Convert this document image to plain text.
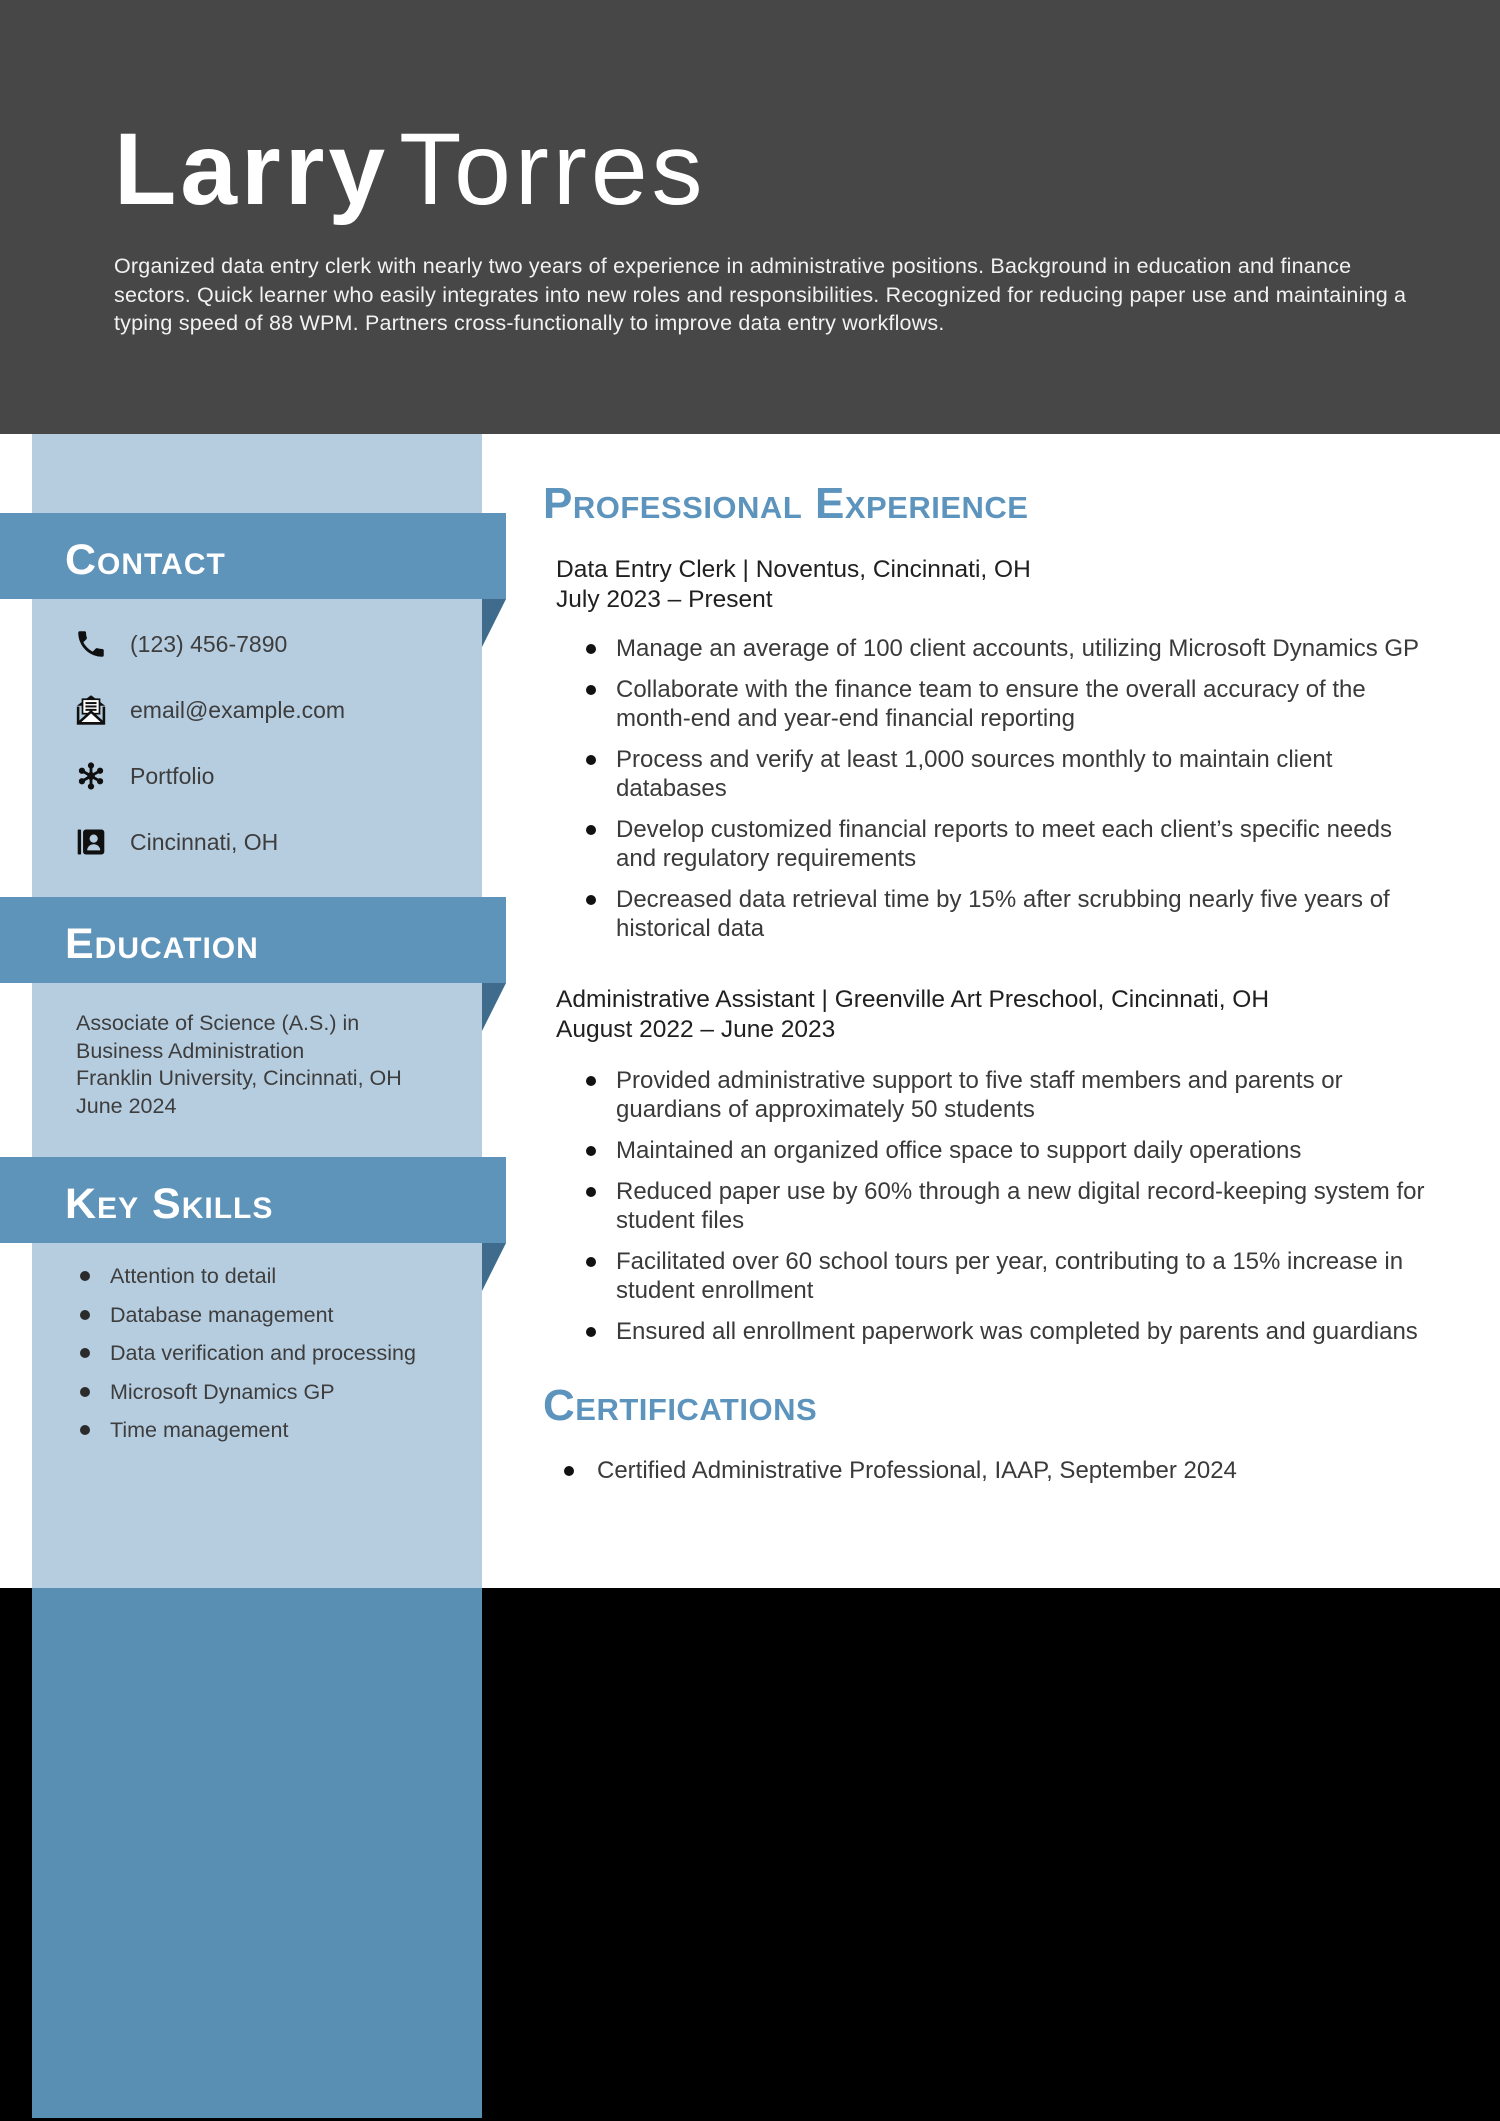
LarryTorres

Organized data entry clerk with nearly two years of experience in administrative positions. Background in education and finance sectors. Quick learner who easily integrates into new roles and responsibilities. Recognized for reducing paper use and maintaining a typing speed of 88 WPM. Partners cross-functionally to improve data entry workflows.

Contact
(123) 456-7890
email@example.com
Portfolio
Cincinnati, OH
Education
Associate of Science (A.S.) in Business Administration
Franklin University, Cincinnati, OH
June 2024
Key Skills
Attention to detail
Database management
Data verification and processing
Microsoft Dynamics GP
Time management
Professional Experience
Data Entry Clerk | Noventus, Cincinnati, OH
July 2023 – Present
Manage an average of 100 client accounts, utilizing Microsoft Dynamics GP
Collaborate with the finance team to ensure the overall accuracy of the month-end and year-end financial reporting
Process and verify at least 1,000 sources monthly to maintain client databases
Develop customized financial reports to meet each client’s specific needs and regulatory requirements
Decreased data retrieval time by 15% after scrubbing nearly five years of historical data
Administrative Assistant | Greenville Art Preschool, Cincinnati, OH
August 2022 – June 2023
Provided administrative support to five staff members and parents or guardians of approximately 50 students
Maintained an organized office space to support daily operations
Reduced paper use by 60% through a new digital record-keeping system for student files
Facilitated over 60 school tours per year, contributing to a 15% increase in student enrollment
Ensured all enrollment paperwork was completed by parents and guardians
Certifications
Certified Administrative Professional, IAAP, September 2024
